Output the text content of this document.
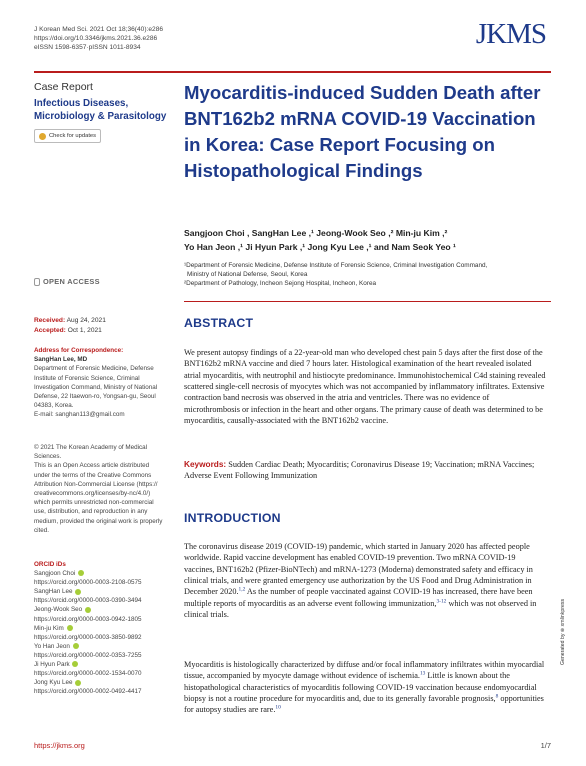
J Korean Med Sci. 2021 Oct 18;36(40):e286
https://doi.org/10.3346/jkms.2021.36.e286
eISSN 1598-6357·pISSN 1011-8934	JKMS
Case Report
Infectious Diseases,
Microbiology & Parasitology
Check for updates
OPEN ACCESS
Received: Aug 24, 2021
Accepted: Oct 1, 2021
Address for Correspondence:
SangHan Lee, MD
Department of Forensic Medicine, Defense
Institute of Forensic Science, Criminal
Investigation Command, Ministry of National
Defense, 22 Itaewon-ro, Yongsan-gu, Seoul
04383, Korea.
E-mail: sanghan113@gmail.com
© 2021 The Korean Academy of Medical
Sciences.
This is an Open Access article distributed
under the terms of the Creative Commons
Attribution Non-Commercial License (https://
creativecommons.org/licenses/by-nc/4.0/)
which permits unrestricted non-commercial
use, distribution, and reproduction in any
medium, provided the original work is properly
cited.
ORCID iDs
Sangjoon Choi
https://orcid.org/0000-0003-2108-0575
SangHan Lee
https://orcid.org/0000-0003-0390-3494
Jeong-Wook Seo
https://orcid.org/0000-0003-0942-1805
Min-ju Kim
https://orcid.org/0000-0003-3850-9892
Yo Han Jeon
https://orcid.org/0000-0002-0353-7255
Ji Hyun Park
https://orcid.org/0000-0002-1534-0070
Jong Kyu Lee
https://orcid.org/0000-0002-0492-4417
Myocarditis-induced Sudden Death after BNT162b2 mRNA COVID-19 Vaccination in Korea: Case Report Focusing on Histopathological Findings
Sangjoon Choi , SangHan Lee ,¹ Jeong-Wook Seo ,² Min-ju Kim ,²
Yo Han Jeon ,¹ Ji Hyun Park ,¹ Jong Kyu Lee ,¹ and Nam Seok Yeo ¹
¹Department of Forensic Medicine, Defense Institute of Forensic Science, Criminal Investigation Command,
Ministry of National Defense, Seoul, Korea
²Department of Pathology, Incheon Sejong Hospital, Incheon, Korea
ABSTRACT
We present autopsy findings of a 22-year-old man who developed chest pain 5 days after the first dose of the BNT162b2 mRNA vaccine and died 7 hours later. Histological examination of the heart revealed isolated atrial myocarditis, with neutrophil and histiocyte predominance. Immunohistochemical C4d staining revealed scattered single-cell necrosis of myocytes which was not accompanied by inflammatory infiltrates. Extensive contraction band necrosis was observed in the atria and ventricles. There was no evidence of microthrombosis or infection in the heart and other organs. The primary cause of death was determined to be myocarditis, causally-associated with the BNT162b2 vaccine.
Keywords: Sudden Cardiac Death; Myocarditis; Coronavirus Disease 19; Vaccination; mRNA Vaccines; Adverse Event Following Immunization
INTRODUCTION
The coronavirus disease 2019 (COVID-19) pandemic, which started in January 2020 has affected people worldwide. Rapid vaccine development has enabled COVID-19 prevention. Two mRNA COVID-19 vaccines, BNT162b2 (Pfizer-BioNTech) and mRNA-1273 (Moderna) demonstrated safety and efficacy in clinical trials, and were granted emergency use authorization by the US Food and Drug Administration in December 2020.$^{1,2}$ As the number of people vaccinated against COVID-19 has increased, there have been multiple reports of myocarditis as an adverse event following immunization,$^{3-12}$ which was not observed in clinical trials.
Myocarditis is histologically characterized by diffuse and/or focal inflammatory infiltrates within myocardial tissue, accompanied by myocyte damage without evidence of ischemia.$^{13}$ Little is known about the histopathological characteristics of myocarditis following COVID-19 vaccination because endomyocardial biopsy is not a routine procedure for myocarditis and, due to its generally favorable prognosis,$^8$ opportunities for autopsy studies are rare.$^{10}$
Generated by ⊛ xmlinkpress
https://jkms.org	1/7
